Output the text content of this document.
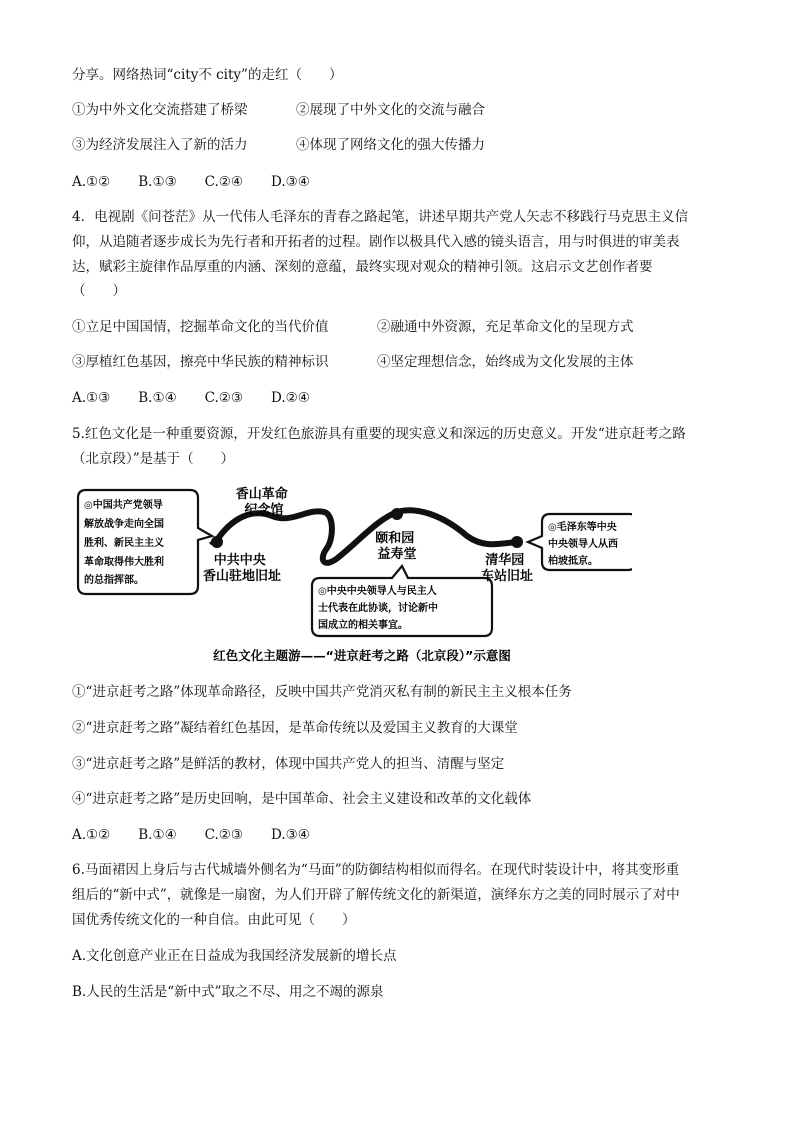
分享。网络热词“city不 city”的走红（　　）
①为中外文化交流搭建了桥梁	②展现了中外文化的交流与融合
③为经济发展注入了新的活力	④体现了网络文化的强大传播力
A.①② B.①③ C.②④ D.③④
4．电视剧《问苍茫》从一代伟人毛泽东的青春之路起笔，讲述早期共产党人矢志不移践行马克思主义信
仰，从追随者逐步成长为先行者和开拓者的过程。剧作以极具代入感的镜头语言，用与时俱进的审美表
达，赋彩主旋律作品厚重的内涵、深刻的意蕴，最终实现对观众的精神引领。这启示文艺创作者要
（　　）
①立足中国国情，挖掘革命文化的当代价值	②融通中外资源，充足革命文化的呈现方式
③厚植红色基因，擦亮中华民族的精神标识	④坚定理想信念，始终成为文化发展的主体
A.①③ B.①④ C.②③ D.②④
5.红色文化是一种重要资源，开发红色旅游具有重要的现实意义和深远的历史意义。开发“进京赶考之路
（北京段）”是基于（　　）
◎中国共产党领导 解放战争走向全国 胜利、新民主主义 革命取得伟大胜利 的总指挥部。
◎中央中央领导人与民主人 士代表在此协谈，讨论新中 国成立的相关事宜。
◎毛泽东等中央 中央领导人从西 柏坡抵京。
香山革命 纪念馆
中共中央 香山驻地旧址
颐和园 益寿堂	清华园 车站旧址
红色文化主题游——“进京赶考之路（北京段）”示意图
①“进京赶考之路”体现革命路径，反映中国共产党消灭私有制的新民主主义根本任务
②“进京赶考之路”凝结着红色基因，是革命传统以及爱国主义教育的大课堂
③“进京赶考之路”是鲜活的教材，体现中国共产党人的担当、清醒与坚定
④“进京赶考之路”是历史回响，是中国革命、社会主义建设和改革的文化载体
A.①② B.①④ C.②③ D.③④
6.马面裙因上身后与古代城墙外侧名为“马面”的防御结构相似而得名。在现代时装设计中，将其变形重
组后的“新中式”，就像是一扇窗，为人们开辟了解传统文化的新渠道，演绎东方之美的同时展示了对中
国优秀传统文化的一种自信。由此可见（　　）
A.文化创意产业正在日益成为我国经济发展新的增长点
B.人民的生活是“新中式”取之不尽、用之不竭的源泉
